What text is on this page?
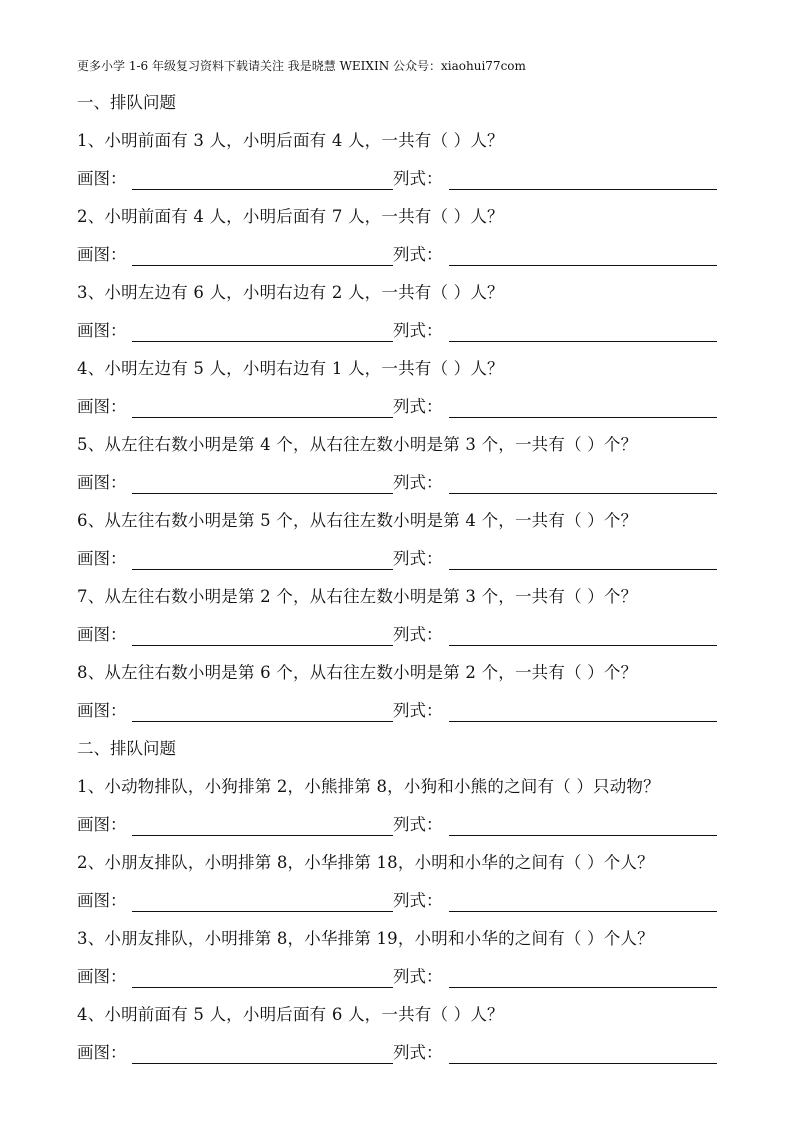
更多小学 1-6 年级复习资料下载请关注 我是晓慧 WEIXIN 公众号：xiaohui77com
一、排队问题
1、小明前面有 3 人，小明后面有 4 人，一共有（ ）人？
画图：	列式：
2、小明前面有 4 人，小明后面有 7 人，一共有（ ）人？
画图：	列式：
3、小明左边有 6 人，小明右边有 2 人，一共有（ ）人？
画图：	列式：
4、小明左边有 5 人，小明右边有 1 人，一共有（ ）人？
画图：	列式：
5、从左往右数小明是第 4 个，从右往左数小明是第 3 个，一共有（ ）个？
画图：	列式：
6、从左往右数小明是第 5 个，从右往左数小明是第 4 个，一共有（ ）个？
画图：	列式：
7、从左往右数小明是第 2 个，从右往左数小明是第 3 个，一共有（ ）个？
画图：	列式：
8、从左往右数小明是第 6 个，从右往左数小明是第 2 个，一共有（ ）个？
画图：	列式：
二、排队问题
1、小动物排队，小狗排第 2，小熊排第 8，小狗和小熊的之间有（ ）只动物？
画图：	列式：
2、小朋友排队，小明排第 8，小华排第 18，小明和小华的之间有（ ）个人？
画图：	列式：
3、小朋友排队，小明排第 8，小华排第 19，小明和小华的之间有（ ）个人？
画图：	列式：
4、小明前面有 5 人，小明后面有 6 人，一共有（ ）人？
画图：	列式：
